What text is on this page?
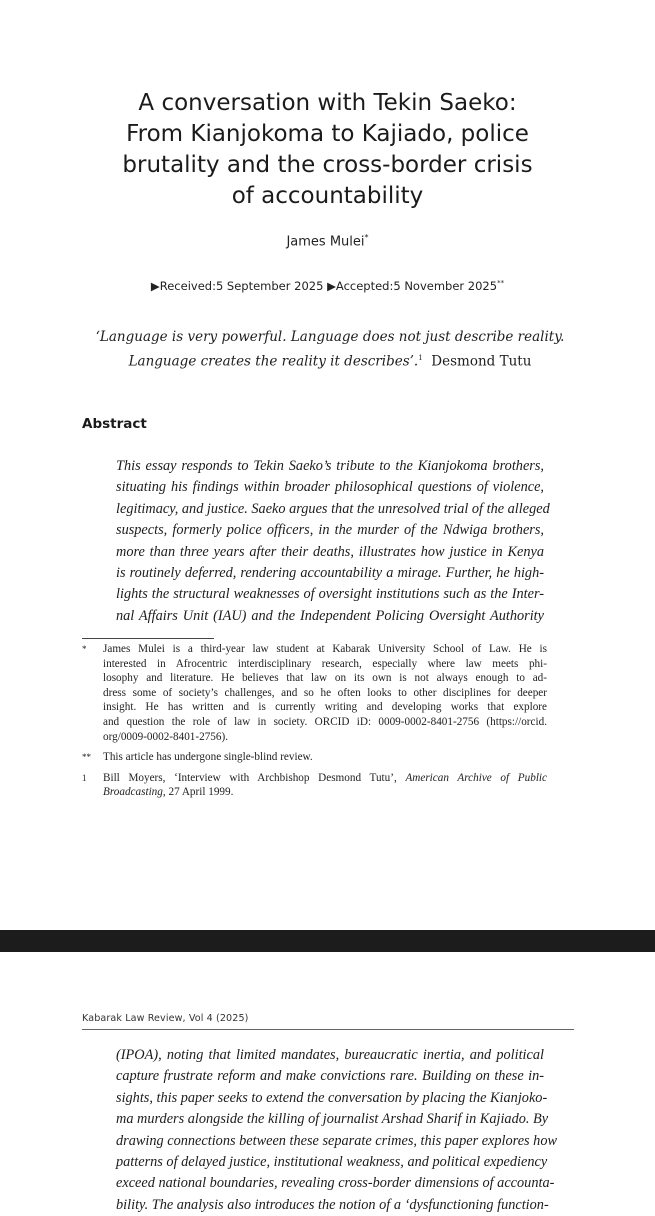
A conversation with Tekin Saeko:
From Kianjokoma to Kajiado, police
brutality and the cross-border crisis
of accountability
James Mulei*
▶Received:5 September 2025 ▶Accepted:5 November 2025**
‘Language is very powerful. Language does not just describe reality.
Language creates the reality it describes’.$^1$ Desmond Tutu
Abstract
This essay responds to Tekin Saeko’s tribute to the Kianjokoma brothers,
situating his findings within broader philosophical questions of violence,
legitimacy, and justice. Saeko argues that the unresolved trial of the alleged
suspects, formerly police officers, in the murder of the Ndwiga brothers,
more than three years after their deaths, illustrates how justice in Kenya
is routinely deferred, rendering accountability a mirage. Further, he high-
lights the structural weaknesses of oversight institutions such as the Inter-
nal Affairs Unit (IAU) and the Independent Policing Oversight Authority
* James Mulei is a third-year law student at Kabarak University School of Law. He is
interested in Afrocentric interdisciplinary research, especially where law meets phi-
losophy and literature. He believes that law on its own is not always enough to ad-
dress some of society’s challenges, and so he often looks to other disciplines for deeper
insight. He has written and is currently writing and developing works that explore
and question the role of law in society. ORCID iD: 0009-0002-8401-2756 (https://orcid.
org/0009-0002-8401-2756).
** This article has undergone single-blind review.
1 Bill Moyers, ‘Interview with Archbishop Desmond Tutu’, American Archive of Public
Broadcasting, 27 April 1999.
Kabarak Law Review, Vol 4 (2025)
(IPOA), noting that limited mandates, bureaucratic inertia, and political
capture frustrate reform and make convictions rare. Building on these in-
sights, this paper seeks to extend the conversation by placing the Kianjoko-
ma murders alongside the killing of journalist Arshad Sharif in Kajiado. By
drawing connections between these separate crimes, this paper explores how
patterns of delayed justice, institutional weakness, and political expediency
exceed national boundaries, revealing cross-border dimensions of accounta-
bility. The analysis also introduces the notion of a ‘dysfunctioning function-
